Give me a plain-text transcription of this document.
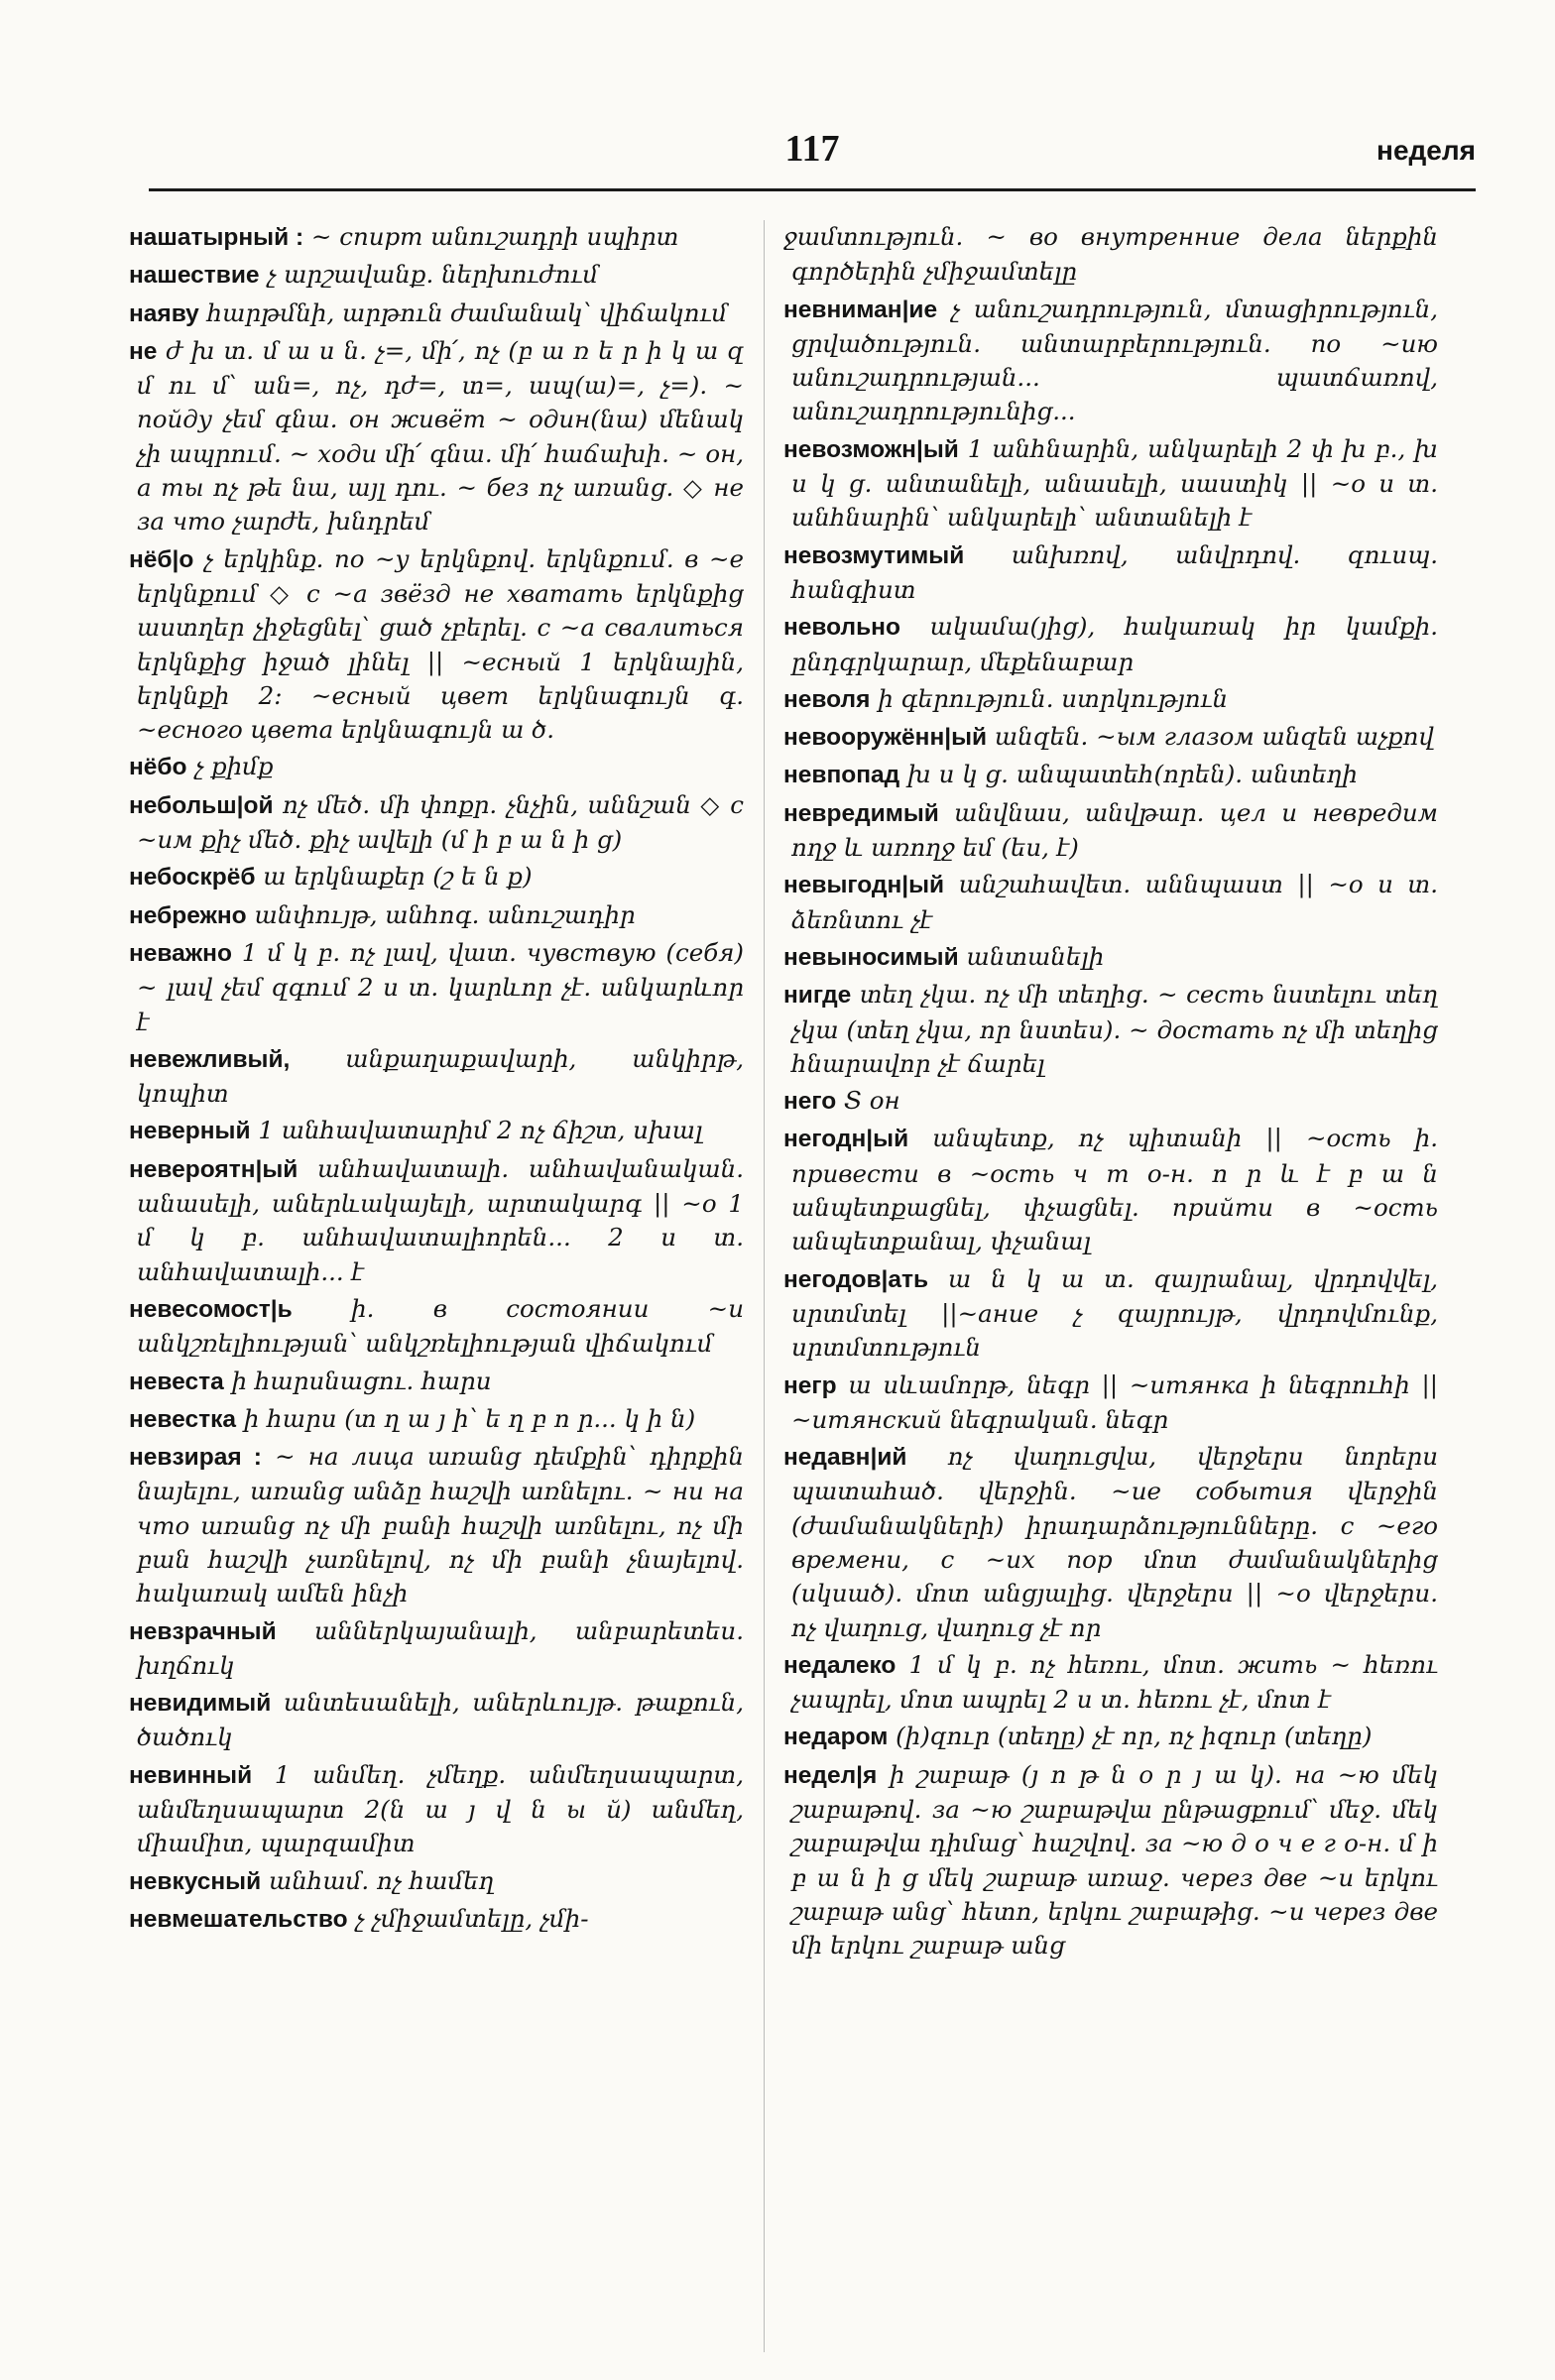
117	неделя

нашатырный : ~ спирт անուշադրի սպիրտ

нашествие չ արշավանք. ներխուժում

наяву հարթմնի, արթուն ժամանակ՝ վիճակում

не ժ խ տ. մ ա ս ն. չ=, մի՛, ոչ (բ ա ռ ե ր ի կ ա զ մ ու մ՝ ան=, ոչ, դժ=, տ=, ապ(ա)=, չ=). ~ пойду չեմ գնա. он живёт ~ один(նա) մենակ չի ապրում. ~ ходи մի՛ գնա. մի՛ հաճախի. ~ он, а ты ոչ թե նա, այլ դու. ~ без ոչ առանց. ◇ не за что չարժե, խնդրեմ

нёб|о չ երկինք. по ~у երկնքով. երկնքում. в ~е երկնքում ◇ с ~а звёзд не хватать երկնքից աստղեր չիջեցնել՝ ցած չբերել. с ~а свалиться երկնքից իջած լինել || ~есный 1 երկնային, երկնքի 2: ~есный цвет երկնագույն գ. ~есного цвета երկնագույն ա ծ.

нёбо չ քիմք

небольш|ой ոչ մեծ. մի փոքր. չնչին, աննշան ◇ с ~им քիչ մեծ. քիչ ավելի (մ ի բ ա ն ի ց)

небоскрёб ա երկնաքեր (շ ե ն ք)

небрежно անփույթ, անհոգ. անուշադիր

неважно 1 մ կ բ. ոչ լավ, վատ. чувствую (себя) ~ լավ չեմ զգում 2 ս տ. կարևոր չէ. անկարևոր է

невежливый, անքաղաքավարի, անկիրթ, կոպիտ

неверный 1 անհավատարիմ 2 ոչ ճիշտ, սխալ

невероятн|ый անհավատալի. անհավանական. անասելի, աներևակայելի, արտակարգ || ~о 1 մ կ բ. անհավատալիորեն... 2 ս տ. անհավատալի... է

невесомост|ь ի. в состоянии ~и անկշռելիության՝ անկշռելիության վիճակում

невеста ի հարսնացու. հարս

невестка ի հարս (տ ղ ա յ ի՝ ե ղ բ ո ր... կ ի ն)

невзирая : ~ на лица առանց դեմքին՝ դիրքին նայելու, առանց անձը հաշվի առնելու. ~ ни на что առանց ոչ մի բանի հաշվի առնելու, ոչ մի բան հաշվի չառնելով, ոչ մի բանի չնայելով. հակառակ ամեն ինչի

невзрачный աններկայանալի, անբարետես. խղճուկ

невидимый անտեսանելի, աներևույթ. թաքուն, ծածուկ

невинный 1 անմեղ. չմեղք. անմեղսապարտ, անմեղսապարտ 2(ն ա յ վ ն ы й) անմեղ, միամիտ, պարզամիտ

невкусный անհամ. ոչ համեղ

невмешательство չ չմիջամտելը, չմի-

ջամտություն. ~ во внутренние дела ներքին գործերին չմիջամտելը

невниман|ие չ անուշադրություն, մտացիրություն, ցրվածություն. անտարբերություն. по ~ию անուշադրության... պատճառով, անուշադրությունից...

невозможн|ый 1 անհնարին, անկարելի 2 փ խ բ., խ ս կ ց. անտանելի, անասելի, սաստիկ || ~о ս տ. անհնարին՝ անկարելի՝ անտանելի է

невозмутимый անխռով, անվրդով. զուսպ. հանգիստ

невольно ակամա(յից), հակառակ իր կամքի. ընդգրկարար, մեքենաբար

неволя ի գերություն. ստրկություն

невооружённ|ый անզեն. ~ым глазом անզեն աչքով

невпопад խ ս կ ց. անպատեհ(որեն). անտեղի

невредимый անվնաս, անվթար. цел и невредим ողջ և առողջ եմ (ես, է)

невыгодн|ый անշահավետ. աննպաստ || ~о ս տ. ձեռնտու չէ

невыносимый անտանելի

нигде տեղ չկա. ոչ մի տեղից. ~ сесть նստելու տեղ չկա (տեղ չկա, որ նստես). ~ достать ոչ մի տեղից հնարավոր չէ ճարել

него Տ он

негодн|ый անպետք, ոչ պիտանի || ~ость ի. привести в ~ость ч т о-н. ո ր և է բ ա ն անպետքացնել, փչացնել. прийти в ~ость անպետքանալ, փչանալ

негодов|ать ա ն կ ա տ. զայրանալ, վրդովվել, սրտմտել ||~ание չ զայրույթ, վրդովմունք, սրտմտություն

негр ա սևամորթ, նեգր || ~итянка ի նեգրուհի || ~итянский նեգրական. նեգր

недавн|ий ոչ վաղուցվա, վերջերս նորերս պատահած. վերջին. ~ие события վերջին (ժամանակների) իրադարձությունները. с ~его времени, с ~их пор մոտ ժամանակներից (սկսած). մոտ անցյալից. վերջերս || ~о վերջերս. ոչ վաղուց, վաղուց չէ որ

недалеко 1 մ կ բ. ոչ հեռու, մոտ. жить ~ հեռու չապրել, մոտ ապրել 2 ս տ. հեռու չէ, մոտ է

недаром (ի)զուր (տեղը) չէ որ, ոչ իզուր (տեղը)

недел|я ի շաբաթ (յ ո թ ն օ ր յ ա կ). на ~ю մեկ շաբաթով. за ~ю շաբաթվա ընթացքում՝ մեջ. մեկ շաբաթվա դիմաց՝ հաշվով. за ~ю д о ч е г о-н. մ ի բ ա ն ի ց մեկ շաբաթ առաջ. через две ~и երկու շաբաթ անց՝ հետո, երկու շաբաթից. ~и через две մի երկու շաբաթ անց
